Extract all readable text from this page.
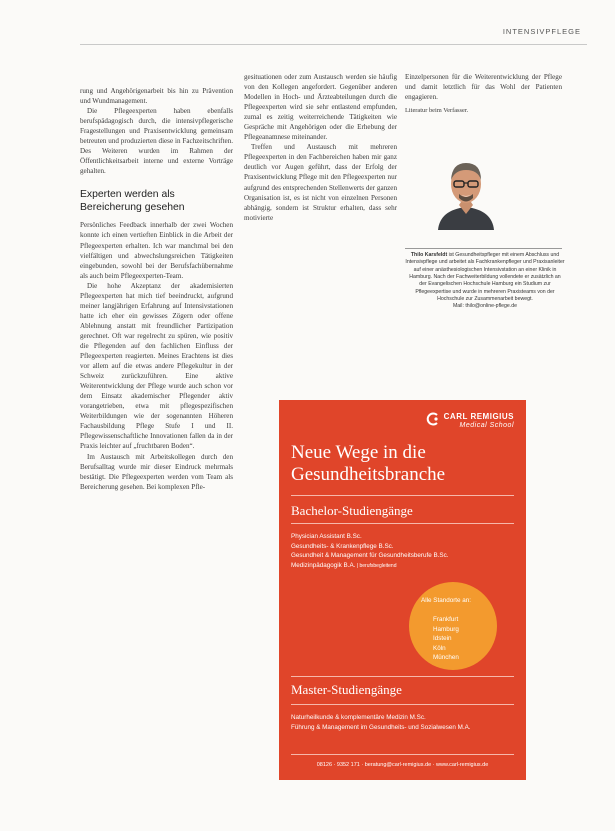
INTENSIVPFLEGE

rung und Angehörigenarbeit bis hin zu Prävention und Wundmanagement.

Die Pflegeexperten haben ebenfalls berufspädagogisch durch, die intensivpflegerische Fragestellungen und Praxisentwicklung gemeinsam betreuten und produzierten diese in Fachzeitschriften. Des Weiteren wurden im Rahmen der Öffentlichkeitsarbeit interne und externe Vorträge gehalten.

Experten werden als Bereicherung gesehen

Persönliches Feedback innerhalb der zwei Wochen konnte ich einen vertieften Einblick in die Arbeit der Pflegeexperten erhalten. Ich war manchmal bei den vielfältigen und abwechslungsreichen Tätigkeiten eingebunden, sowohl bei der Berufsfachübernahme als auch beim Pflegeexperten-Team.

Die hohe Akzeptanz der akademisierten Pflegeexperten hat mich tief beeindruckt, aufgrund meiner langjährigen Erfahrung auf Intensivstationen hatte ich eher ein gewisses Zögern oder offene Ablehnung anstatt mit freundlicher Partizipation gerechnet. Oft war regelrecht zu spüren, wie positiv die Pflegenden auf den fachlichen Einfluss der Pflegeexperten reagierten. Meines Erachtens ist dies vor allem auf die etwas andere Pflegekultur in der Schweiz zurückzuführen. Eine aktive Weiterentwicklung der Pflege wurde auch schon vor dem Einsatz akademischer Pflegender aktiv vorangetrieben, etwa mit pflegespezifischen Weiterbildungen wie der sogenannten Höheren Fachausbildung Pflege Stufe I und II. Pflegewissenschaftliche Innovationen fallen da in der Praxis leichter auf „fruchtbaren Boden“.

Im Austausch mit Arbeitskollegen durch den Berufsalltag wurde mir dieser Eindruck mehrmals bestätigt. Die Pflegeexperten werden vom Team als Bereicherung gesehen. Bei komplexen Pfle-

gesituationen oder zum Austausch werden sie häufig von den Kollegen angefordert. Gegenüber anderen Modellen in Hoch- und Ärzteabteilungen durch die Pflegeexperten wird sie sehr entlastend empfunden, zumal es zeitig weiterreichende Tätigkeiten wie Gespräche mit Angehörigen oder die Erhebung der Pflegeanamnese miteinander.

Treffen und Austausch mit mehreren Pflegeexperten in den Fachbereichen haben mir ganz deutlich vor Augen geführt, dass der Erfolg der Praxisentwicklung Pflege mit den Pflegeexperten nur aufgrund des entsprechenden Stellenwerts der ganzen Organisation ist, es ist nicht von einzelnen Personen abhängig, sondern ist Struktur erhalten, dass sehr motivierte

Einzelpersonen für die Weiterentwicklung der Pflege und damit letztlich für das Wohl der Patienten engagieren.

Literatur beim Verfasser.

Thilo Karsfeldt ist Gesundheitspfleger mit einem Abschluss und Intensivpflege und arbeitet als Fachkrankenpfleger und Praxisanleiter auf einer anästhesiologischen Intensivstation an einer Klinik in Hamburg. Nach der Fachweiterbildung vollendete er zusätzlich an der Evangelischen Hochschule Hamburg ein Studium zur Pflegeexpertise und wurde in mehreren Praxisteams von der Hochschule zur Zusammenarbeit bewegt.
Mail: thilo@online-pflege.de
CARL REMIGIUS
Medical School
Neue Wege in die Gesundheitsbranche
Bachelor-Studiengänge
Physician Assistant B.Sc.
Gesundheits- & Krankenpflege B.Sc.
Gesundheit & Management für Gesundheitsberufe B.Sc.
Medizinpädagogik B.A. | berufsbegleitend
Alle Standorte an:
Frankfurt
Hamburg
Idstein
Köln
München
Master-Studiengänge
Naturheilkunde & komplementäre Medizin M.Sc.
Führung & Management im Gesundheits- und Sozialwesen M.A.
08126 · 9352 171 · beratung@carl-remigius.de · www.carl-remigius.de
